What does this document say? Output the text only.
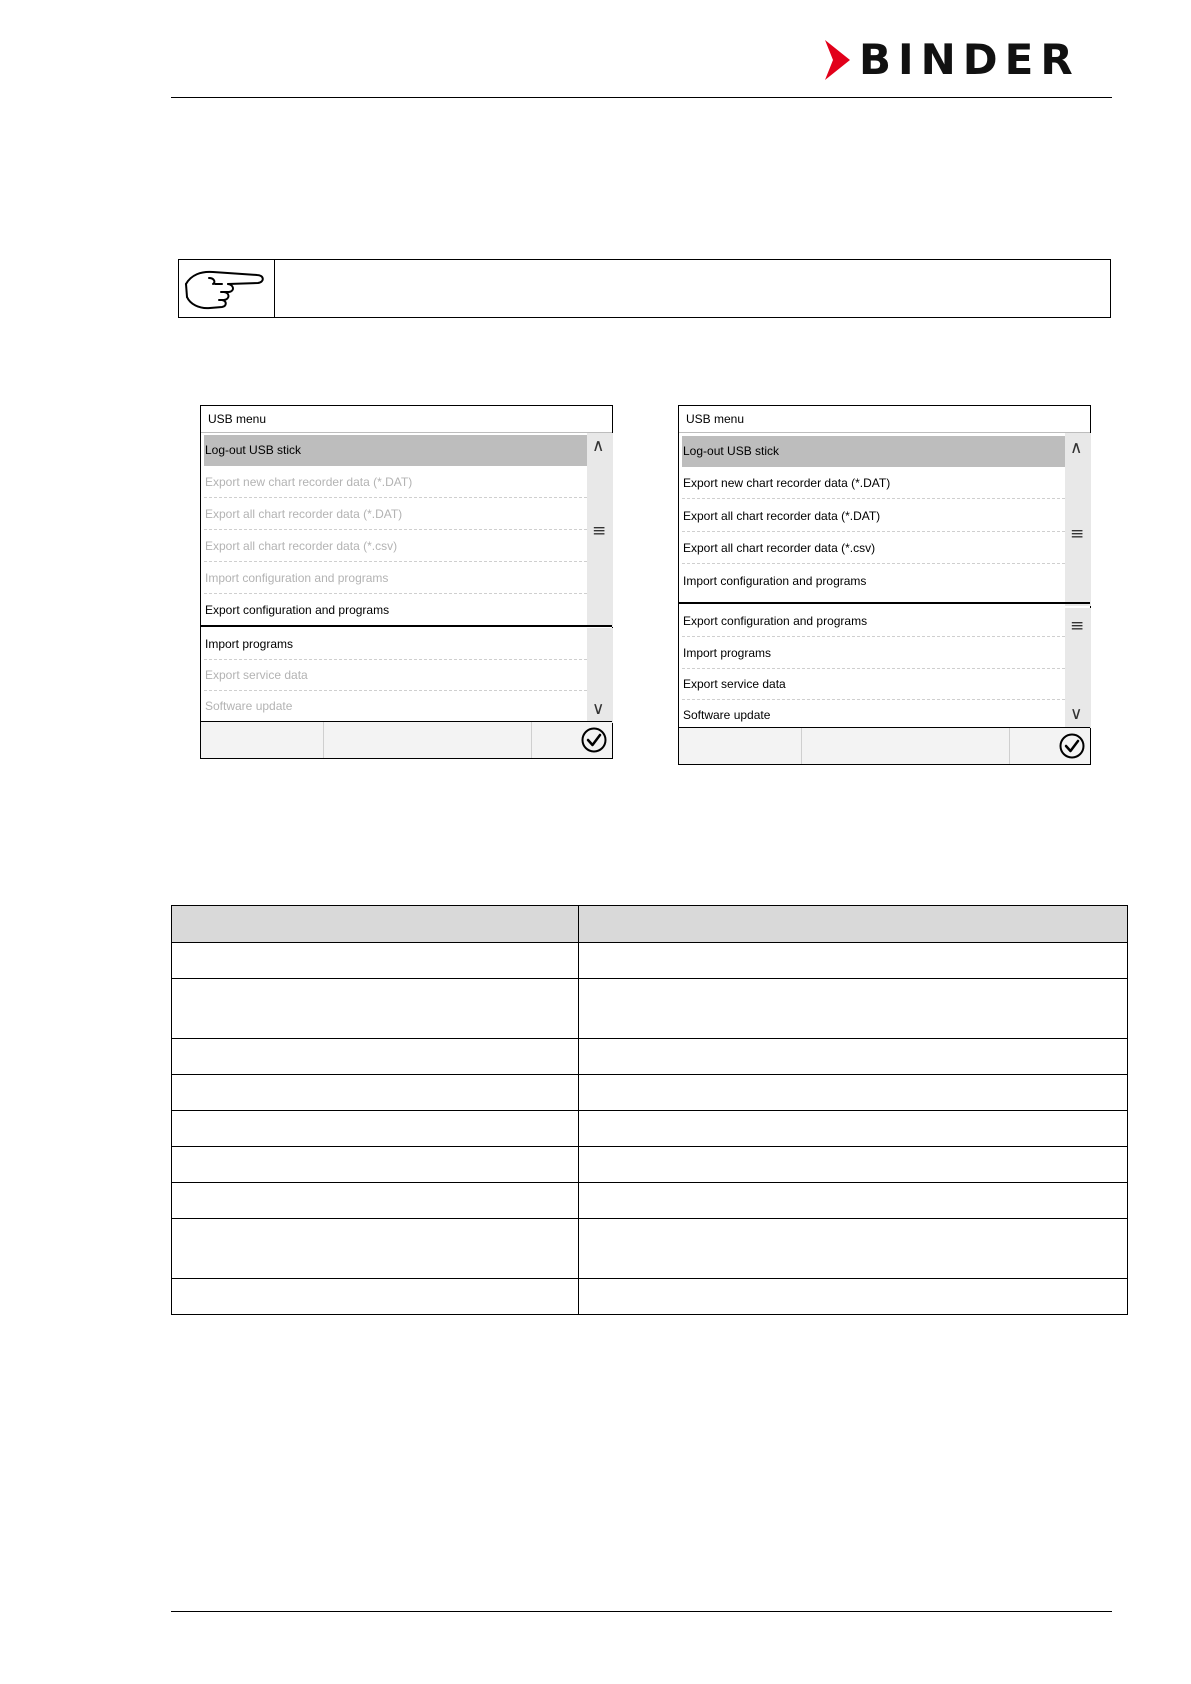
BINDER
USB menu
∧
≡
∨
Log-out USB stick
Export new chart recorder data (*.DAT)
Export all chart recorder data (*.DAT)
Export all chart recorder data (*.csv)
Import configuration and programs
Export configuration and programs
Import programs
Export service data
Software update
USB menu
∧
≡
≡
∨
Log-out USB stick
Export new chart recorder data (*.DAT)
Export all chart recorder data (*.DAT)
Export all chart recorder data (*.csv)
Import configuration and programs
Export configuration and programs
Import programs
Export service data
Software update
